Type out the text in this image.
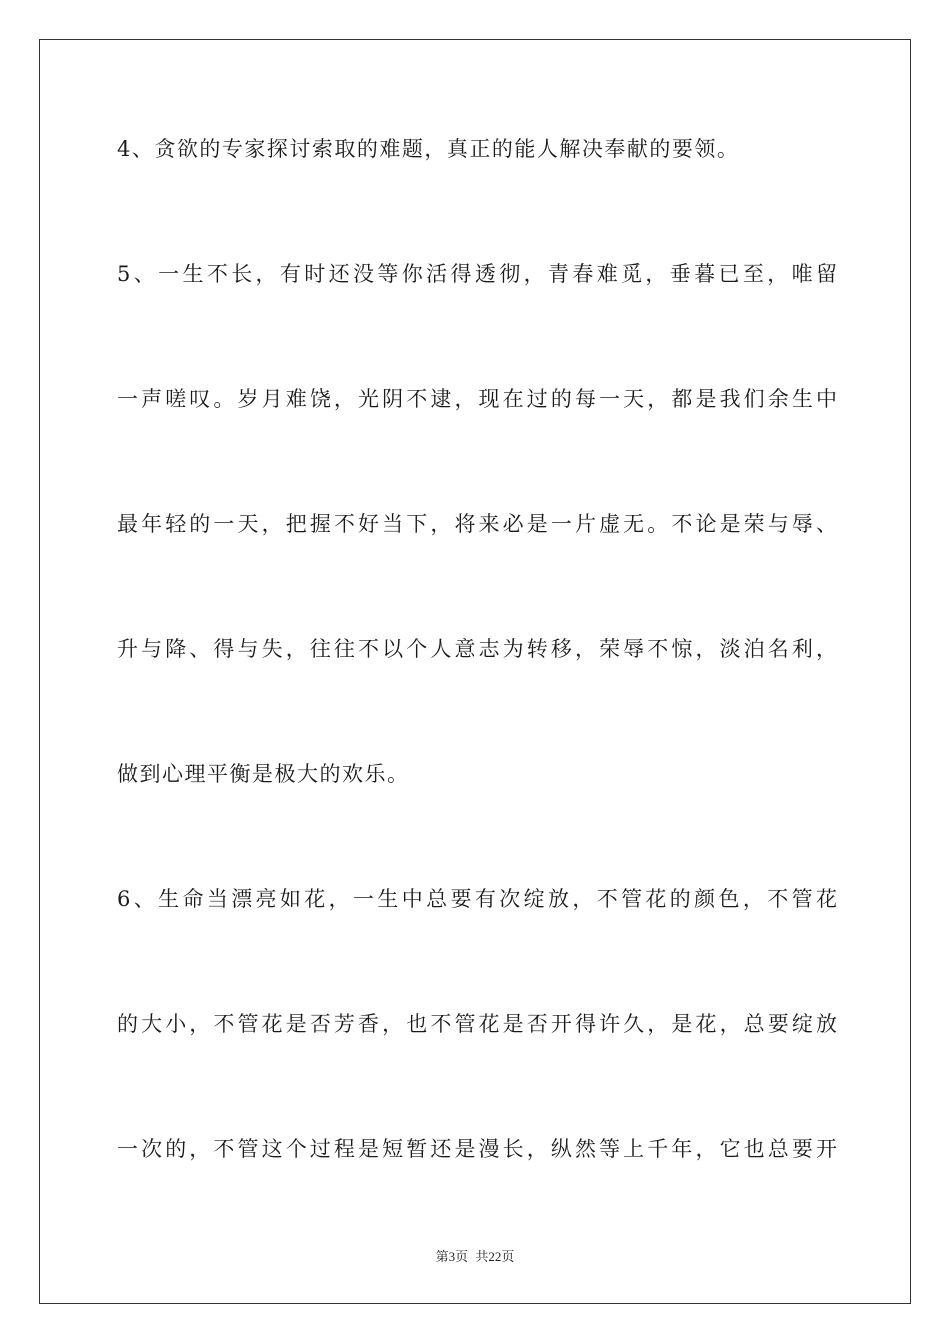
4、贪欲的专家探讨索取的难题，真正的能人解决奉献的要领。
5、一生不长，有时还没等你活得透彻，青春难觅，垂暮已至，唯留
一声嗟叹。岁月难饶，光阴不逮，现在过的每一天，都是我们余生中
最年轻的一天，把握不好当下，将来必是一片虚无。不论是荣与辱、
升与降、得与失，往往不以个人意志为转移，荣辱不惊，淡泊名利，
做到心理平衡是极大的欢乐。
6、生命当漂亮如花，一生中总要有次绽放，不管花的颜色，不管花
的大小，不管花是否芳香，也不管花是否开得许久，是花，总要绽放
一次的，不管这个过程是短暂还是漫长，纵然等上千年，它也总要开
第3页 共22页
